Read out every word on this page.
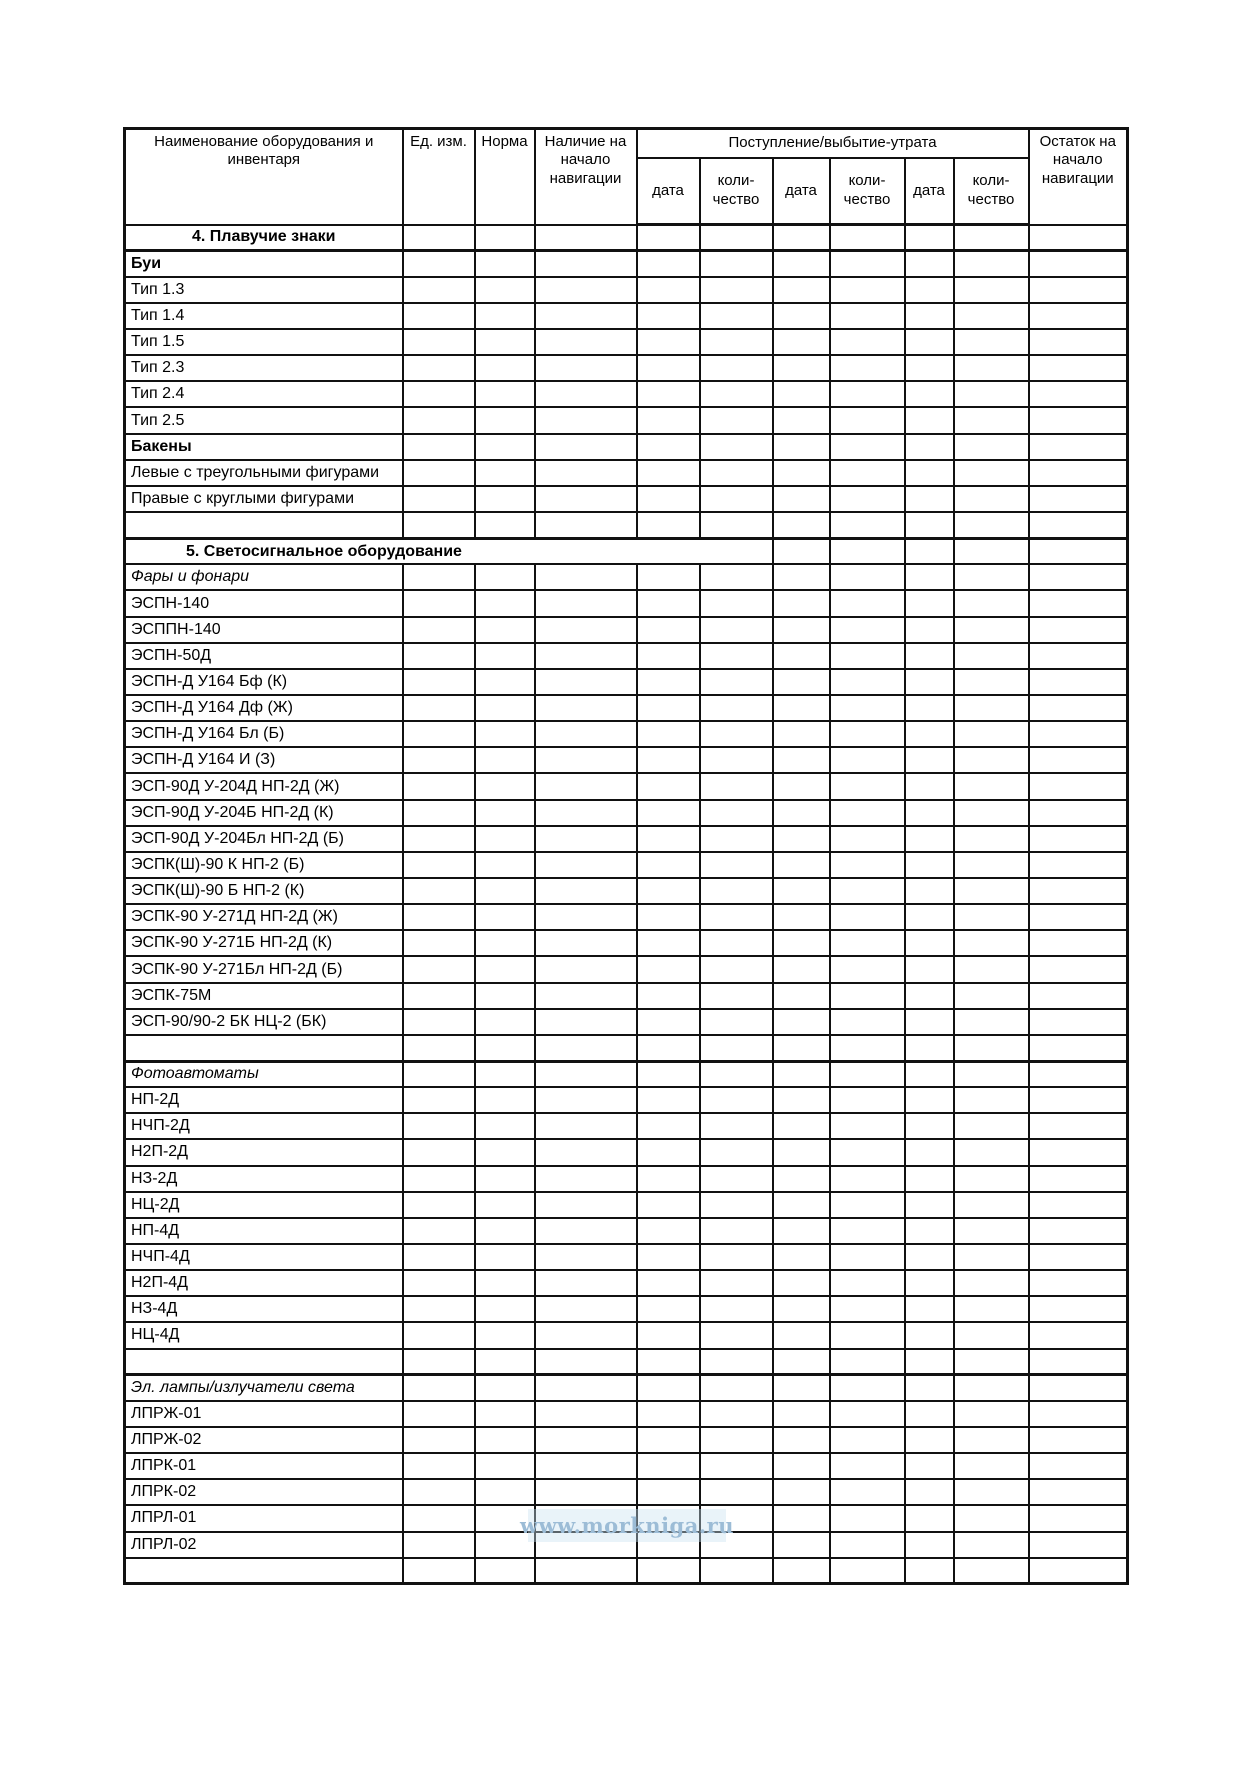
Наименование оборудования и инвентаря	Ед. изм.	Норма	Наличие на начало навигации	Поступление/выбытие-утрата						Остаток на начало навигации
				дата	коли-чество	дата	коли-чество	дата	коли-чество	
4. Плавучие знаки										
Буи										
Тип 1.3										
Тип 1.4										
Тип 1.5										
Тип 2.3										
Тип 2.4										
Тип 2.5										
Бакены										
Левые с треугольными фигурами										
Правые с круглыми фигурами										

5. Светосигнальное оборудование										
Фары и фонари										
ЭСПН-140										
ЭСППН-140										
ЭСПН-50Д										
ЭСПН-Д У164 Бф (К)										
ЭСПН-Д У164 Дф (Ж)										
ЭСПН-Д У164 Бл (Б)										
ЭСПН-Д У164 И (З)										
ЭСП-90Д У-204Д НП-2Д (Ж)										
ЭСП-90Д У-204Б НП-2Д (К)										
ЭСП-90Д У-204Бл НП-2Д (Б)										
ЭСПК(Ш)-90 К НП-2 (Б)										
ЭСПК(Ш)-90 Б НП-2 (К)										
ЭСПК-90 У-271Д НП-2Д (Ж)										
ЭСПК-90 У-271Б НП-2Д (К)										
ЭСПК-90 У-271Бл НП-2Д (Б)										
ЭСПК-75М										
ЭСП-90/90-2 БК НЦ-2 (БК)										

Фотоавтоматы										
НП-2Д										
НЧП-2Д										
Н2П-2Д										
НЗ-2Д										
НЦ-2Д										
НП-4Д										
НЧП-4Д										
Н2П-4Д										
НЗ-4Д										
НЦ-4Д										

Эл. лампы/излучатели света										
ЛПРЖ-01										
ЛПРЖ-02										
ЛПРК-01										
ЛПРК-02										
ЛПРЛ-01										
ЛПРЛ-02										

www.morkniga.ru
